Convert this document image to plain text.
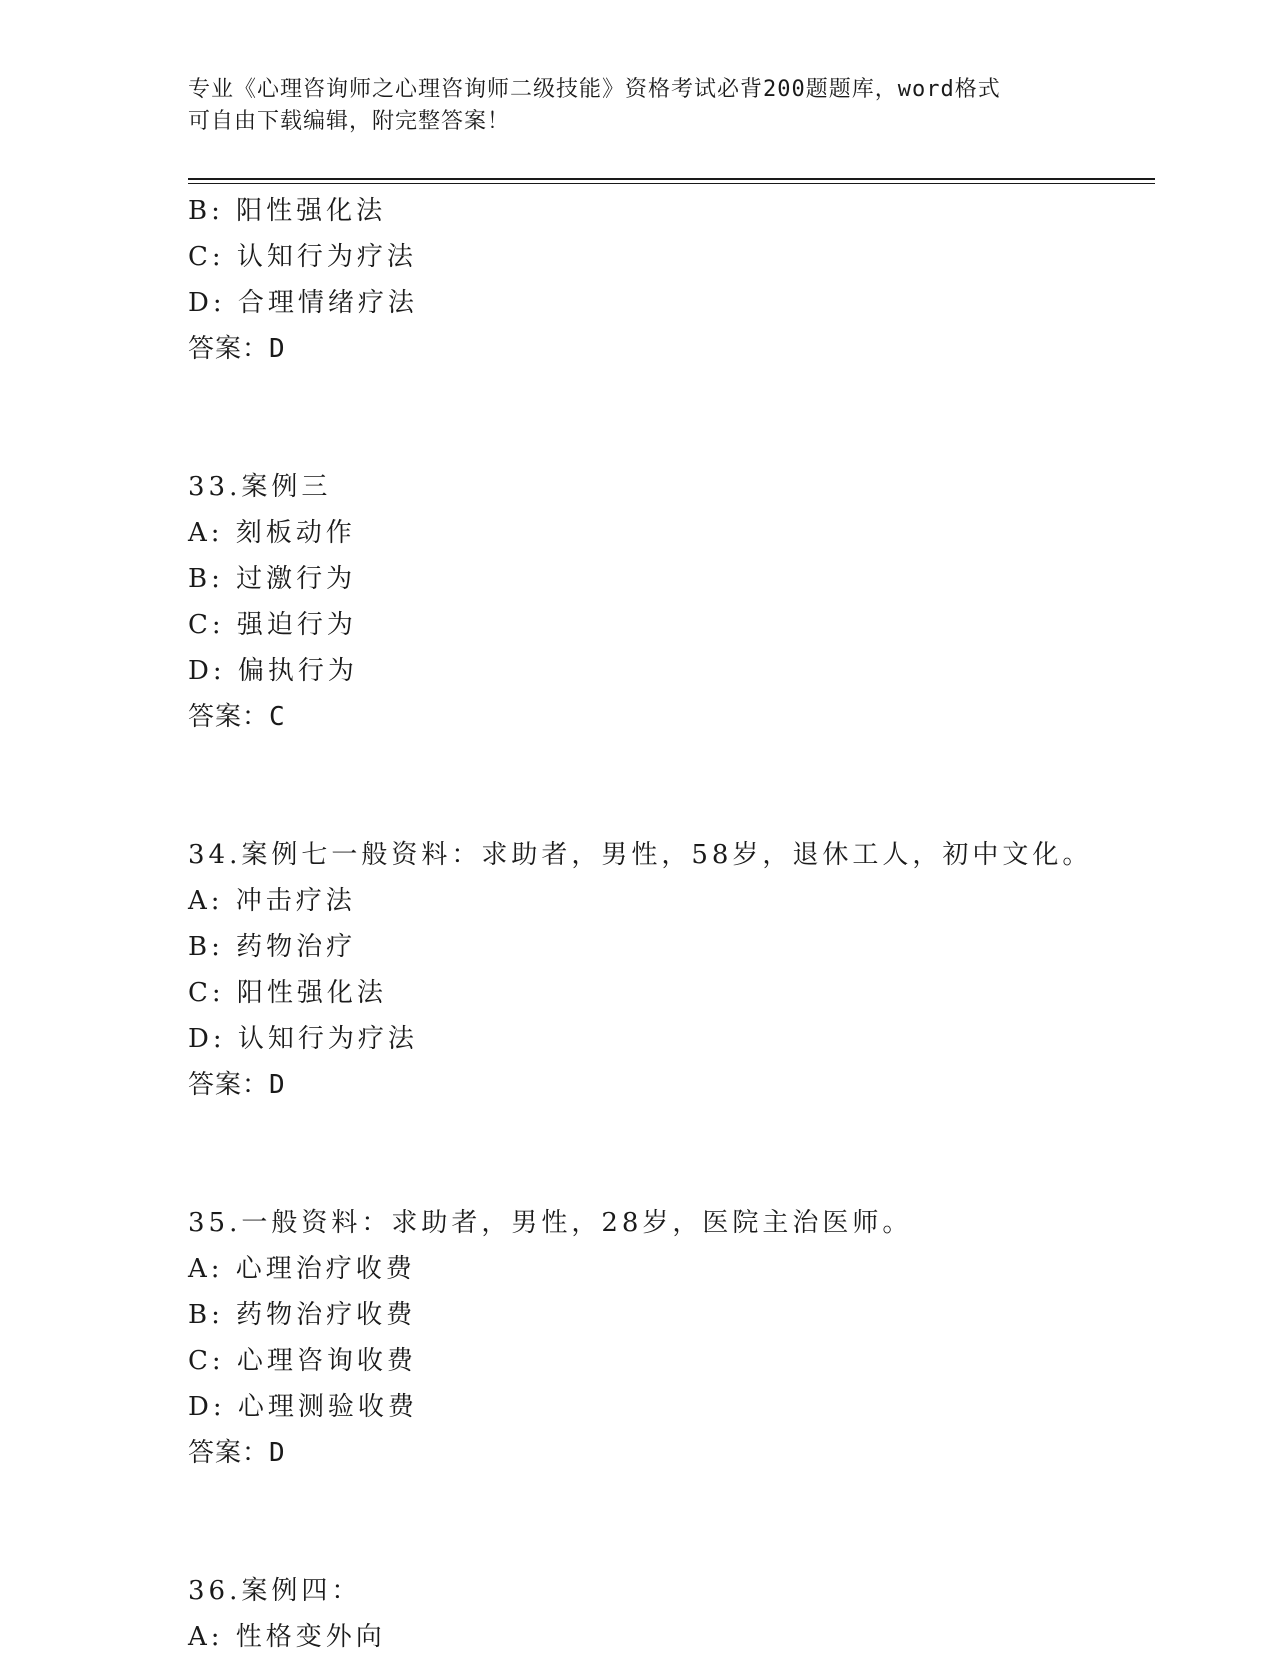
专业《心理咨询师之心理咨询师二级技能》资格考试必背200题题库，word格式
可自由下载编辑，附完整答案！
B: 阳性强化法
C: 认知行为疗法
D: 合理情绪疗法
答案：D
33.案例三
A: 刻板动作
B: 过激行为
C: 强迫行为
D: 偏执行为
答案：C
34.案例七一般资料：求助者，男性，58岁，退休工人，初中文化。
A: 冲击疗法
B: 药物治疗
C: 阳性强化法
D: 认知行为疗法
答案：D
35.一般资料：求助者，男性，28岁，医院主治医师。
A: 心理治疗收费
B: 药物治疗收费
C: 心理咨询收费
D: 心理测验收费
答案：D
36.案例四：
A: 性格变外向
